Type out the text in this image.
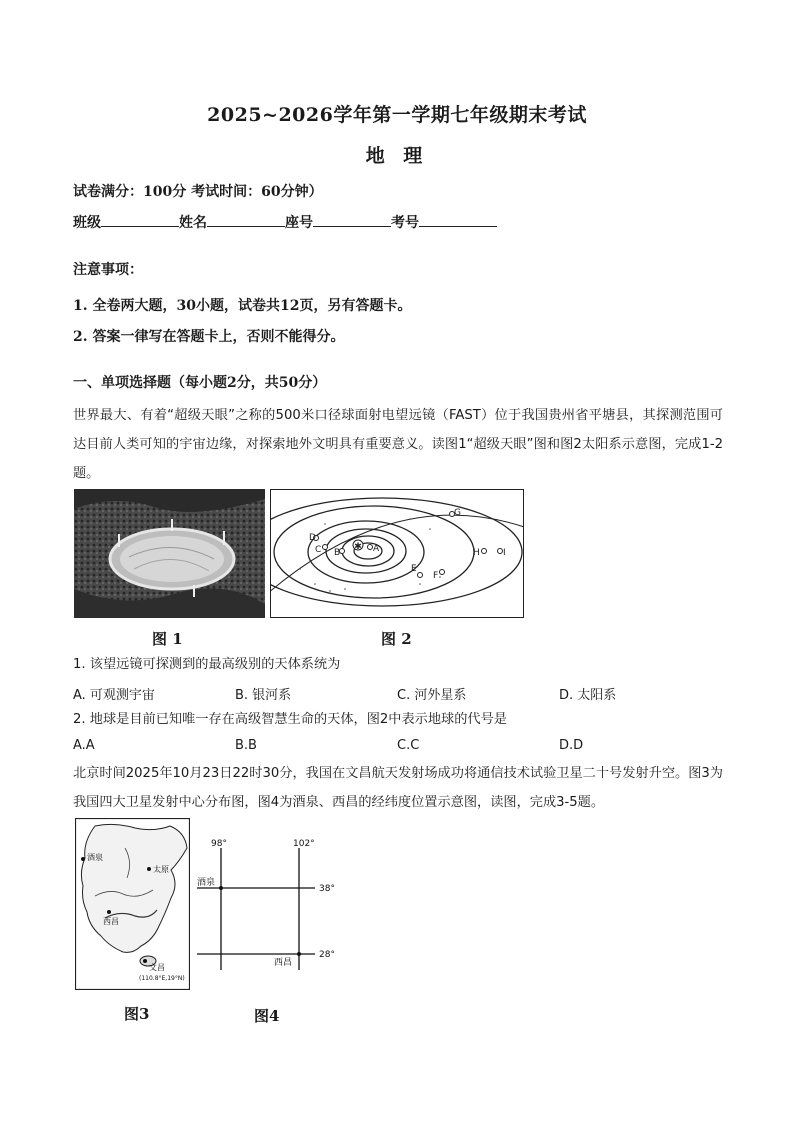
2025~2026学年第一学期七年级期末考试
地 理
试卷满分：100分 考试时间：60分钟）
班级	姓名	座号	考号
注意事项：
1. 全卷两大题，30小题，试卷共12页，另有答题卡。
2. 答案一律写在答题卡上，否则不能得分。
一、单项选择题（每小题2分，共50分）
世界最大、有着“超级天眼”之称的500米口径球面射电望远镜（FAST）位于我国贵州省平塘县，其探测范围可达目前人类可知的宇宙边缘，对探索地外文明具有重要意义。读图1“超级天眼”图和图2太阳系示意图，完成1-2题。
✱
G
D
C B	A	H	I
E
F
图 1	图 2
1. 该望远镜可探测到的最高级别的天体系统为
A. 可观测宇宙	B. 银河系	C. 河外星系	D. 太阳系
2. 地球是目前已知唯一存在高级智慧生命的天体，图2中表示地球的代号是
A.A	B.B	C.C	D.D
北京时间2025年10月23日22时30分，我国在文昌航天发射场成功将通信技术试验卫星二十号发射升空。图3为我国四大卫星发射中心分布图，图4为酒泉、西昌的经纬度位置示意图，读图，完成3-5题。
酒泉
太原
西昌
文昌
(110.8°E,19°N)
98°	102°
38°
28°
酒泉
西昌
图3	图4
